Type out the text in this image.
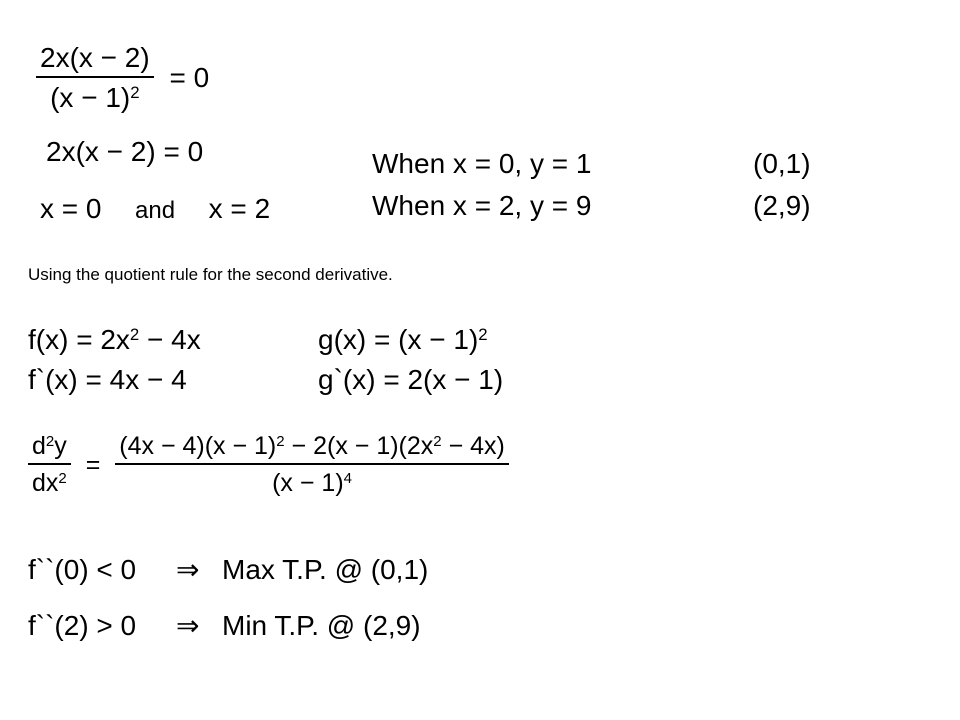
$\frac{2x(x - 2)}{(x - 1)^2} = 0$
2x(x − 2) = 0
x = 0 and x = 2
When x = 0, y = 1	(0,1)
When x = 2, y = 9	(2,9)
Using the quotient rule for the second derivative.
$f(x) = 2x^2 - 4x$	$g(x) = (x - 1)^2$
f`(x) = 4x − 4	g`(x) = 2(x − 1)
$\frac{d^2y}{dx^2} = \frac{(4x - 4)(x - 1)^2 - 2(x - 1)(2x^2 - 4x)}{(x - 1)^4}$
f``(0) < 0 ⇒ Max T.P. @ (0,1)
f``(2) > 0 ⇒ Min T.P. @ (2,9)
